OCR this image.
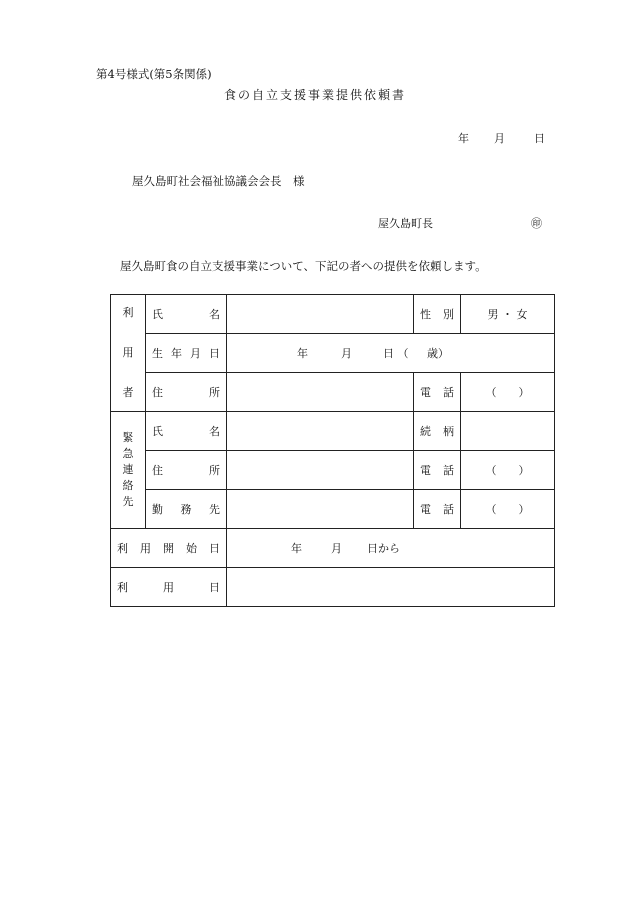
第4号様式(第5条関係)
食の自立支援事業提供依頼書
年 月	日
屋久島町社会福祉協議会会長　様
屋久島町長	㊞
屋久島町食の自立支援事業について、下記の者への提供を依頼します。
利
用
者	氏 名		性 別	男 ・ 女

	生 年 月 日	年 月 日 （ 歳）		

	住 所		電 話	（　　）

緊
急
連
絡
先	氏 名		続 柄	

	住 所		電 話	（　　）

	勤 務 先		電 話	（　　）

利 用 開 始 日		年 月 日から		

利 用 日				
